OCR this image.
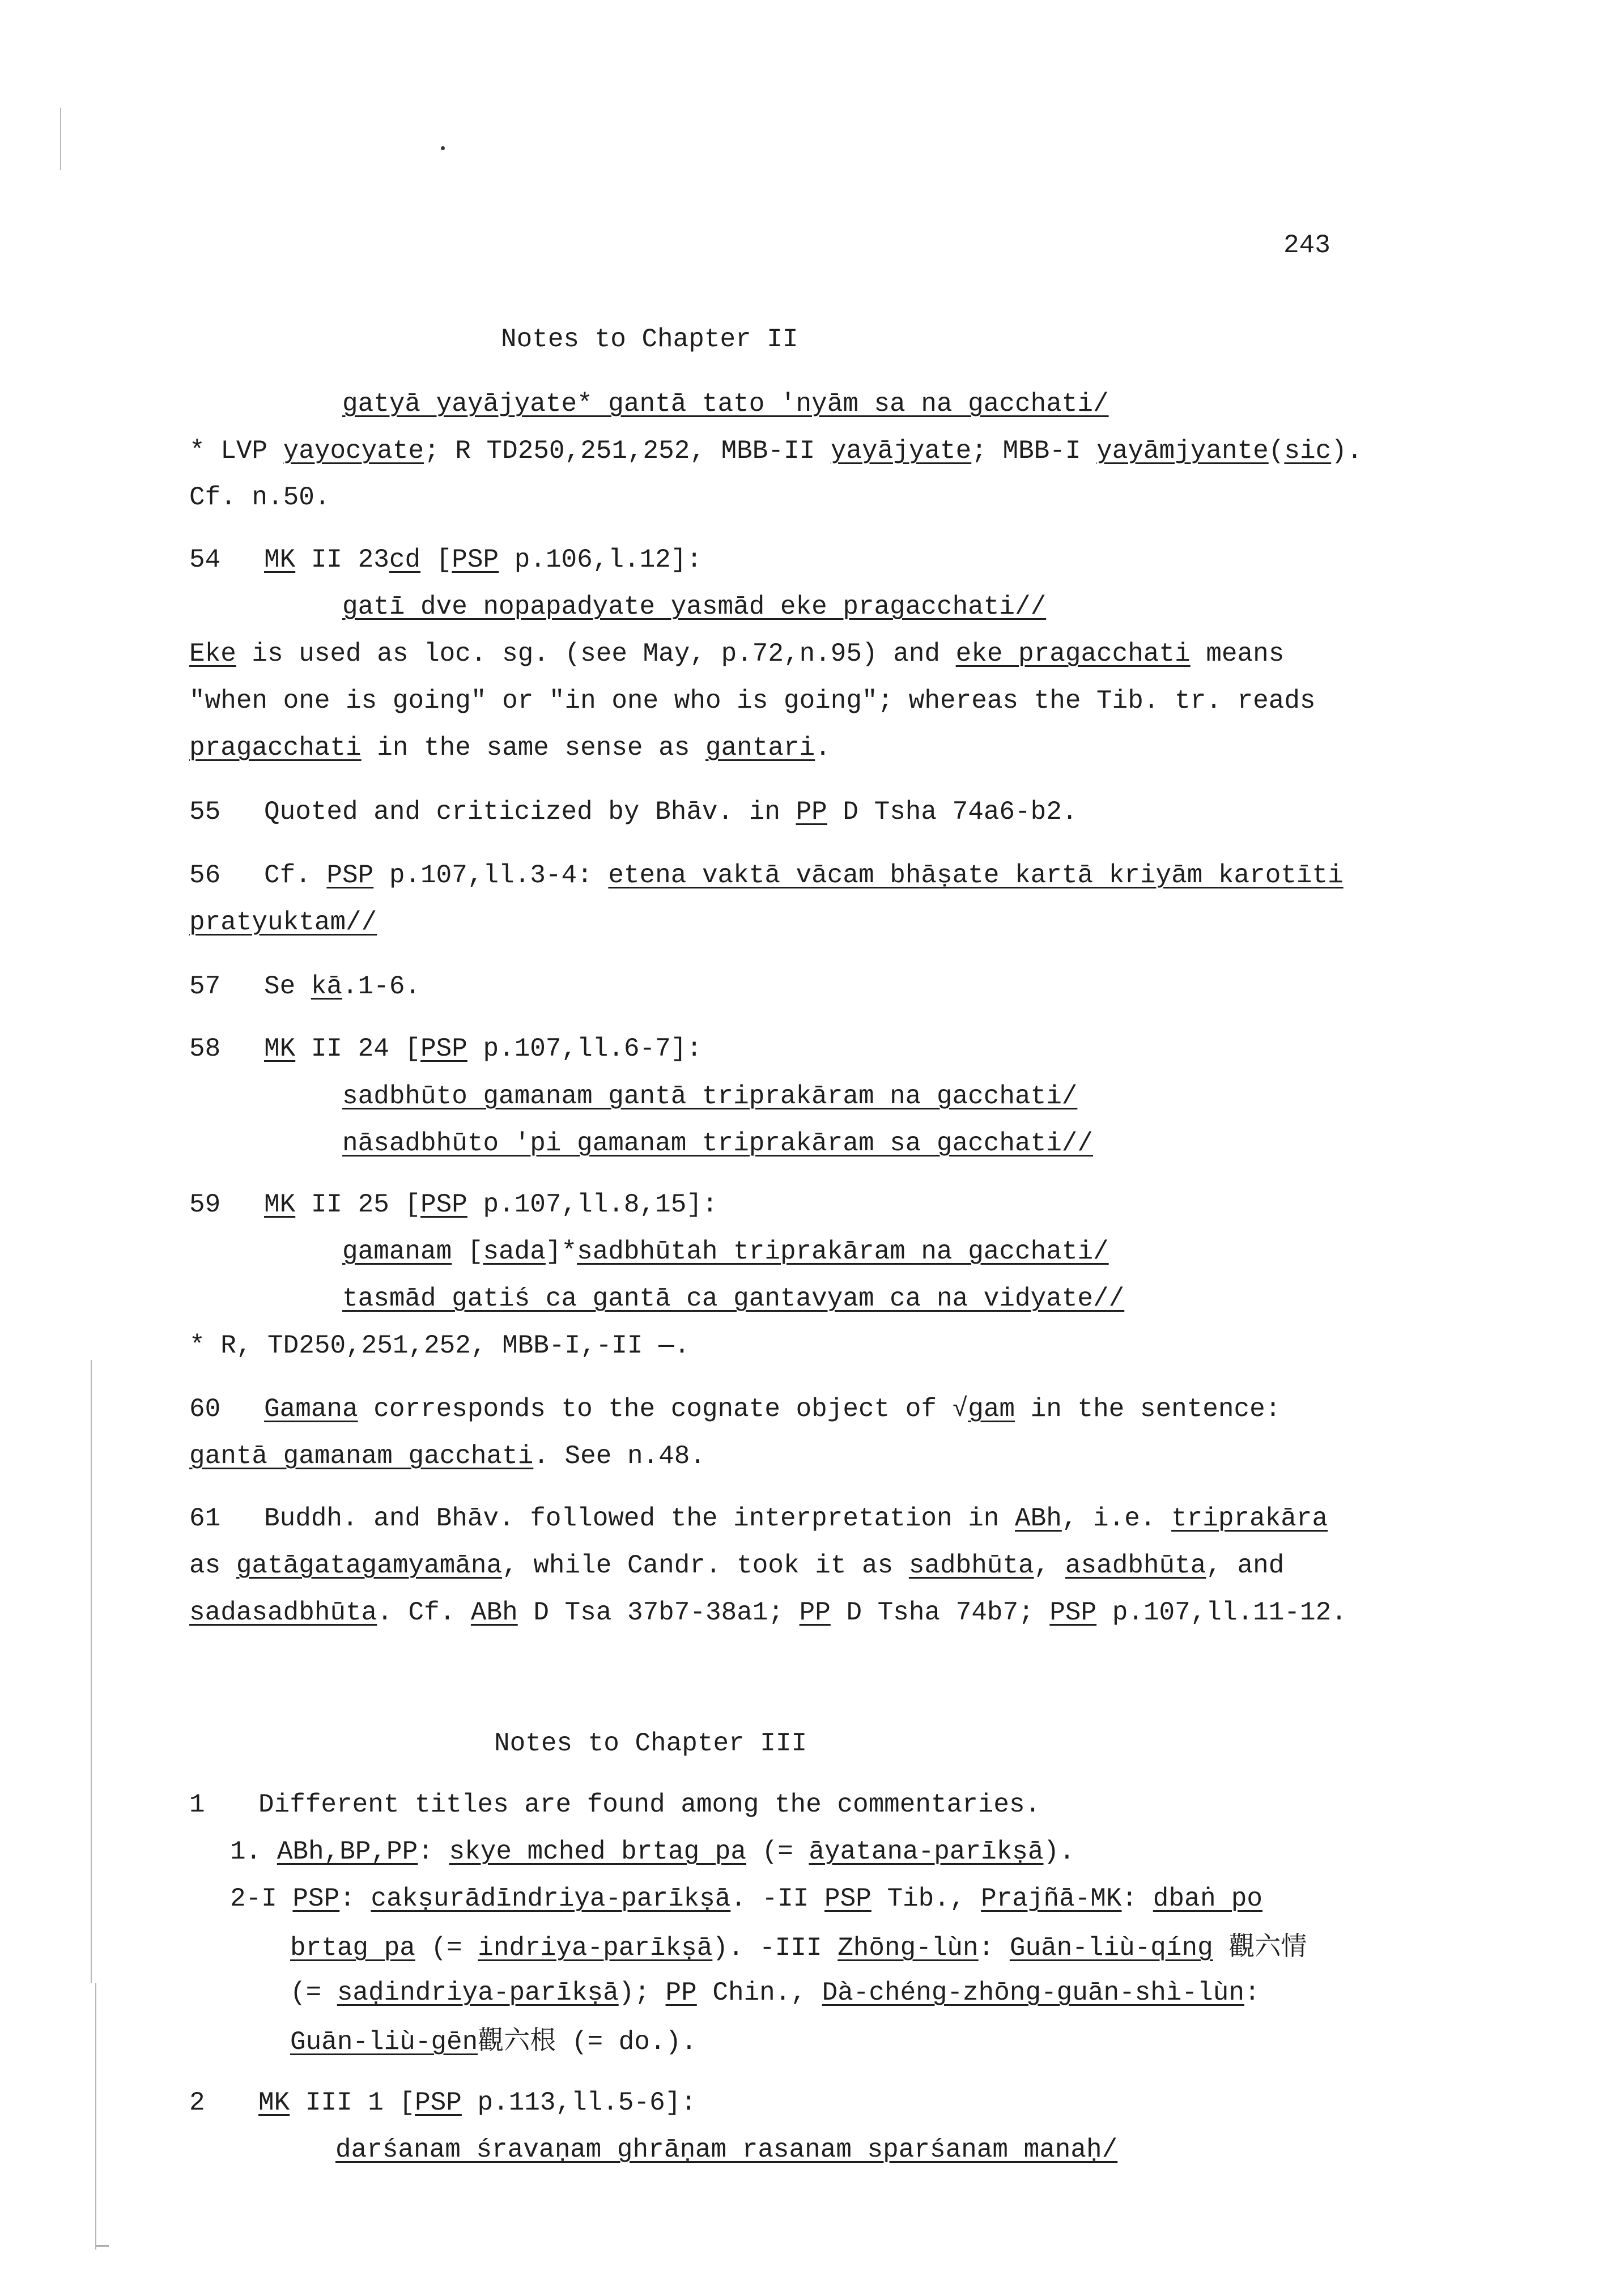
243
Notes to Chapter II
gatyā yayājyate* gantā tato 'nyām sa na gacchati/
* LVP yayocyate; R TD250,251,252, MBB-II yayājyate; MBB-I yayāmjyante(sic).
Cf. n.50.
54 MK II 23cd [PSP p.106,l.12]:
gatī dve nopapadyate yasmād eke pragacchati//
Eke is used as loc. sg. (see May, p.72,n.95) and eke pragacchati means
"when one is going" or "in one who is going"; whereas the Tib. tr. reads
pragacchati in the same sense as gantari.
55 Quoted and criticized by Bhāv. in PP D Tsha 74a6-b2.
56 Cf. PSP p.107,ll.3-4: etena vaktā vācam bhāṣate kartā kriyām karotīti
pratyuktam//
57 Se kā.1-6.
58 MK II 24 [PSP p.107,ll.6-7]:
sadbhūto gamanam gantā triprakāram na gacchati/
nāsadbhūto 'pi gamanam triprakāram sa gacchati//
59 MK II 25 [PSP p.107,ll.8,15]:
gamanam [sada]*sadbhūtah triprakāram na gacchati/
tasmād gatiś ca gantā ca gantavyam ca na vidyate//
* R, TD250,251,252, MBB-I,-II —.
60 Gamana corresponds to the cognate object of √gam in the sentence:
gantā gamanam gacchati. See n.48.
61 Buddh. and Bhāv. followed the interpretation in ABh, i.e. triprakāra
as gatāgatagamyamāna, while Candr. took it as sadbhūta, asadbhūta, and
sadasadbhūta. Cf. ABh D Tsa 37b7-38a1; PP D Tsha 74b7; PSP p.107,ll.11-12.
Notes to Chapter III
1 Different titles are found among the commentaries.
1. ABh,BP,PP: skye mched brtag pa (= āyatana-parīkṣā).
2-I PSP: cakṣurādīndriya-parīkṣā. -II PSP Tib., Prajñā-MK: dbaṅ po
brtag pa (= indriya-parīkṣā). -III Zhōng-lùn: Guān-liù-qíng 觀六情
(= saḍindriya-parīkṣā); PP Chin., Dà-chéng-zhōng-guān-shì-lùn:
Guān-liù-gēn觀六根 (= do.).
2 MK III 1 [PSP p.113,ll.5-6]:
darśanam śravaṇam ghrāṇam rasanam sparśanam manaḥ/
